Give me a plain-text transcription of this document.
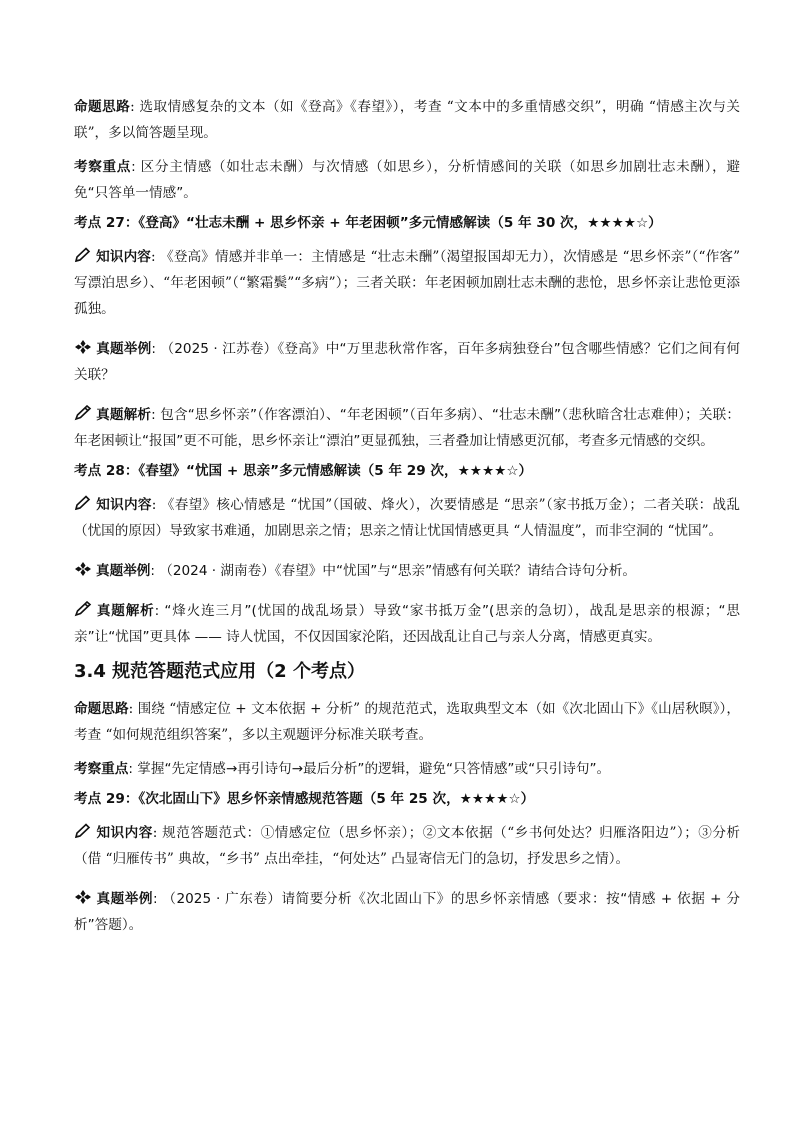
命题思路: 选取情感复杂的文本（如《登高》《春望》），考查 “文本中的多重情感交织”，明确 “情感主次与关联”，多以简答题呈现。

考察重点: 区分主情感（如壮志未酬）与次情感（如思乡），分析情感间的关联（如思乡加剧壮志未酬），避免“只答单一情感”。

考点 27：《登高》“壮志未酬 + 思乡怀亲 + 年老困顿”多元情感解读（5 年 30 次，★★★★☆）

知识内容: 《登高》情感并非单一：主情感是 “壮志未酬”（渴望报国却无力），次情感是 “思乡怀亲”（“作客” 写漂泊思乡）、“年老困顿”（“繁霜鬓”“多病”）；三者关联：年老困顿加剧壮志未酬的悲怆，思乡怀亲让悲怆更添孤独。

真题举例: （2025 · 江苏卷）《登高》中“万里悲秋常作客，百年多病独登台”包含哪些情感？它们之间有何关联？

真题解析: 包含“思乡怀亲”（作客漂泊）、“年老困顿”（百年多病）、“壮志未酬”（悲秋暗含壮志难伸）；关联：年老困顿让“报国”更不可能，思乡怀亲让“漂泊”更显孤独，三者叠加让情感更沉郁，考查多元情感的交织。

考点 28：《春望》“忧国 + 思亲”多元情感解读（5 年 29 次，★★★★☆）

知识内容: 《春望》核心情感是 “忧国”（国破、烽火），次要情感是 “思亲”（家书抵万金）；二者关联：战乱（忧国的原因）导致家书难通，加剧思亲之情；思亲之情让忧国情感更具 “人情温度”，而非空洞的 “忧国”。

真题举例: （2024 · 湖南卷）《春望》中“忧国”与“思亲”情感有何关联？请结合诗句分析。

真题解析: “烽火连三月”(忧国的战乱场景）导致“家书抵万金”(思亲的急切），战乱是思亲的根源；“思亲”让“忧国”更具体 —— 诗人忧国，不仅因国家沦陷，还因战乱让自己与亲人分离，情感更真实。

3.4 规范答题范式应用（2 个考点）

命题思路: 围绕 “情感定位 + 文本依据 + 分析” 的规范范式，选取典型文本（如《次北固山下》《山居秋暝》），考查 “如何规范组织答案”，多以主观题评分标准关联考查。

考察重点: 掌握“先定情感→再引诗句→最后分析”的逻辑，避免“只答情感”或“只引诗句”。

考点 29：《次北固山下》思乡怀亲情感规范答题（5 年 25 次，★★★★☆）

知识内容: 规范答题范式：①情感定位（思乡怀亲）；②文本依据（“乡书何处达？归雁洛阳边”）；③分析（借 “归雁传书” 典故，“乡书” 点出牵挂，“何处达” 凸显寄信无门的急切，抒发思乡之情）。

真题举例: （2025 · 广东卷）请简要分析《次北固山下》的思乡怀亲情感（要求：按“情感 + 依据 + 分析”答题）。
